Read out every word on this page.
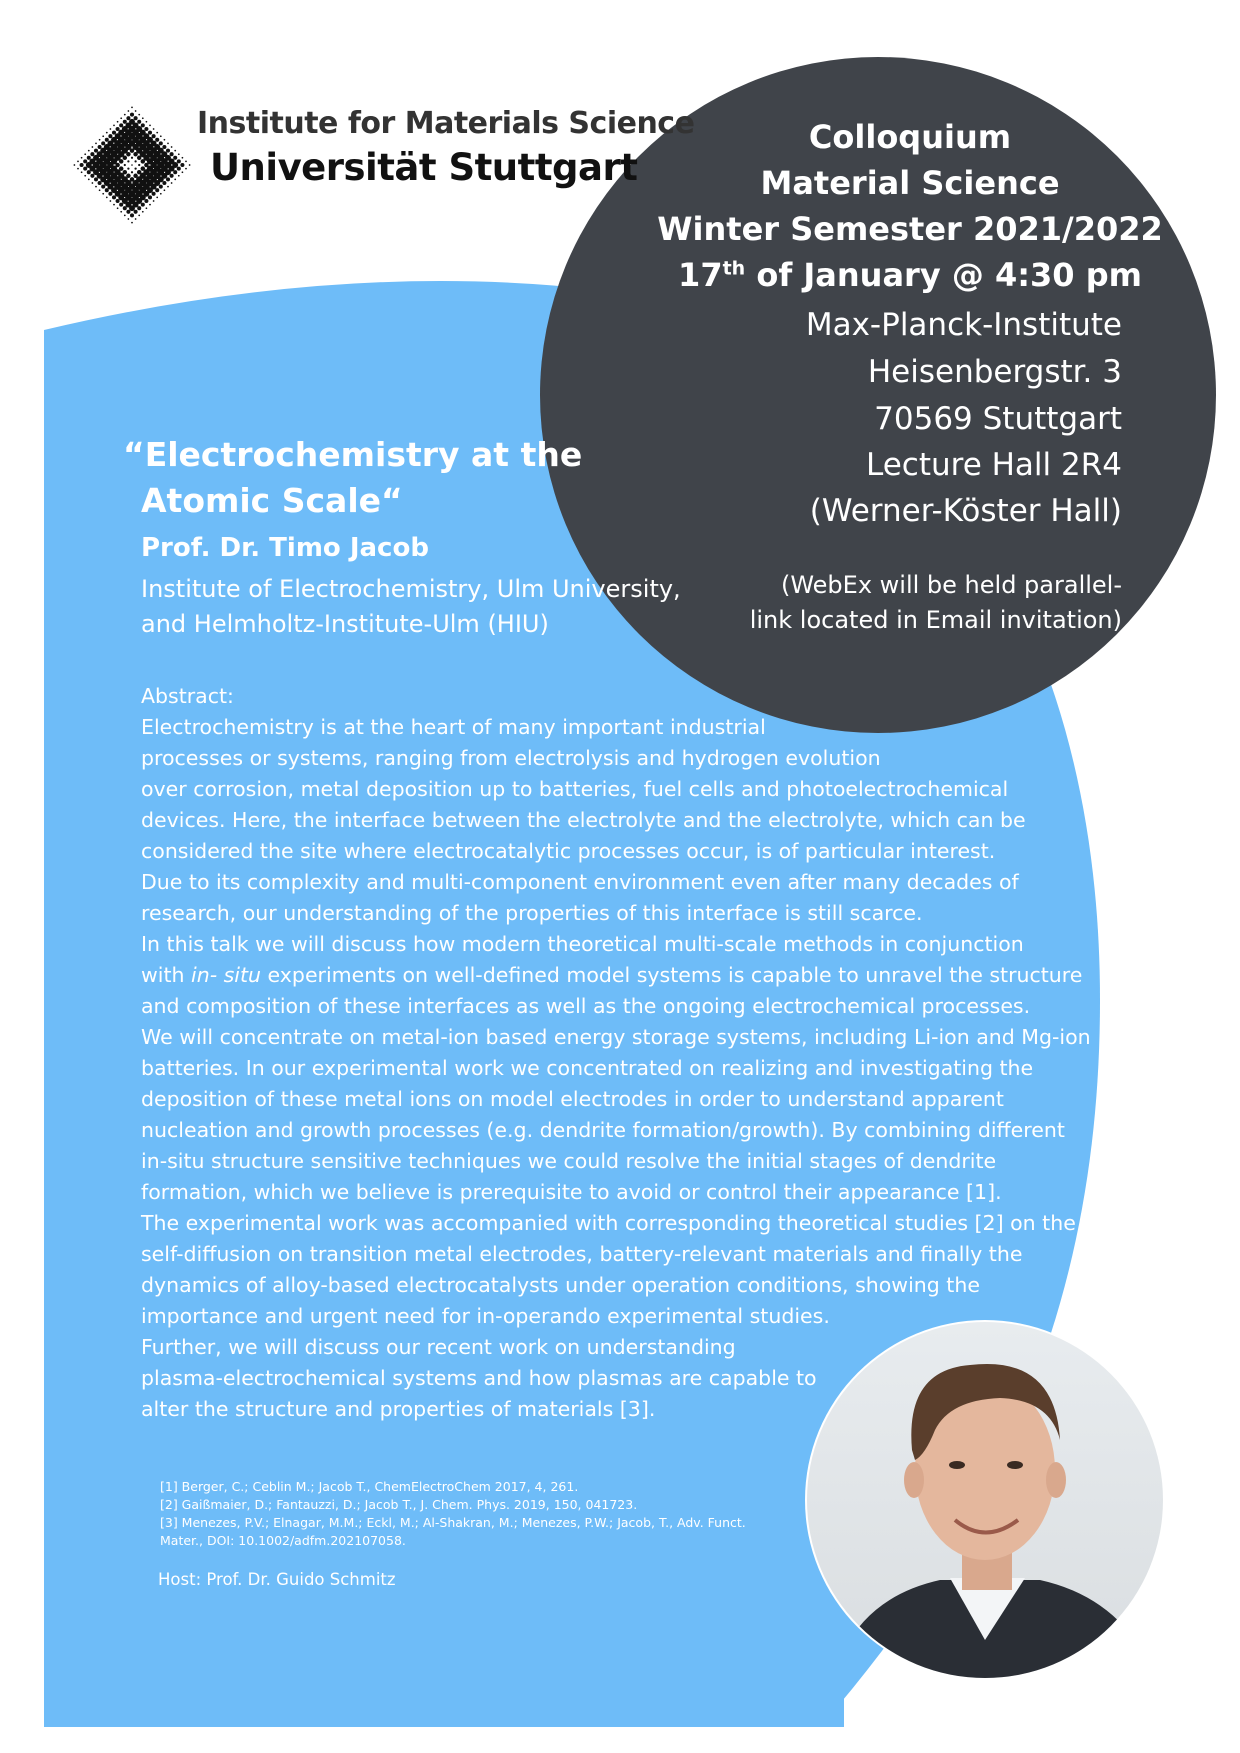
Institute for Materials Science
Universität Stuttgart
Colloquium
Material Science
Winter Semester 2021/2022
17th of January @ 4:30 pm
Max-Planck-Institute
Heisenbergstr. 3
70569 Stuttgart
Lecture Hall 2R4
(Werner-Köster Hall)
(WebEx will be held parallel-
link located in Email invitation)
“Electrochemistry at the
Atomic Scale“
Prof. Dr. Timo Jacob
Institute of Electrochemistry, Ulm University,
and Helmholtz-Institute-Ulm (HIU)
Abstract:
Electrochemistry is at the heart of many important industrial
processes or systems, ranging from electrolysis and hydrogen evolution
over corrosion, metal deposition up to batteries, fuel cells and photoelectrochemical
devices. Here, the interface between the electrolyte and the electrolyte, which can be
considered the site where electrocatalytic processes occur, is of particular interest.
Due to its complexity and multi-component environment even after many decades of
research, our understanding of the properties of this interface is still scarce.
In this talk we will discuss how modern theoretical multi-scale methods in conjunction
with in- situ experiments on well-defined model systems is capable to unravel the structure
and composition of these interfaces as well as the ongoing electrochemical processes.
We will concentrate on metal-ion based energy storage systems, including Li-ion and Mg-ion
batteries. In our experimental work we concentrated on realizing and investigating the
deposition of these metal ions on model electrodes in order to understand apparent
nucleation and growth processes (e.g. dendrite formation/growth). By combining different
in-situ structure sensitive techniques we could resolve the initial stages of dendrite
formation, which we believe is prerequisite to avoid or control their appearance [1].
The experimental work was accompanied with corresponding theoretical studies [2] on the
self-diffusion on transition metal electrodes, battery-relevant materials and finally the
dynamics of alloy-based electrocatalysts under operation conditions, showing the
importance and urgent need for in-operando experimental studies.
Further, we will discuss our recent work on understanding
plasma-electrochemical systems and how plasmas are capable to
alter the structure and properties of materials [3].
[1] Berger, C.; Ceblin M.; Jacob T., ChemElectroChem 2017, 4, 261.
[2] Gaißmaier, D.; Fantauzzi, D.; Jacob T., J. Chem. Phys. 2019, 150, 041723.
[3] Menezes, P.V.; Elnagar, M.M.; Eckl, M.; Al-Shakran, M.; Menezes, P.W.; Jacob, T., Adv. Funct.
Mater., DOI: 10.1002/adfm.202107058.
Host: Prof. Dr. Guido Schmitz
